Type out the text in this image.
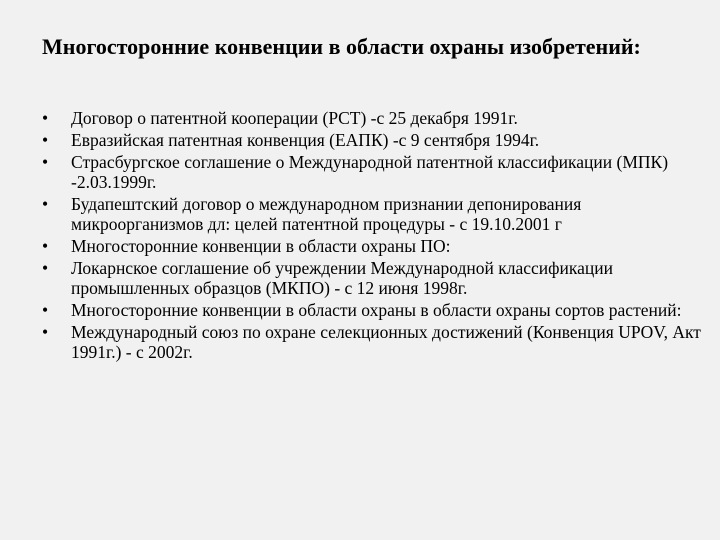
Многосторонние конвенции в области охраны изобретений:
•	Договор о патентной кооперации (PCT) -с 25 декабря 1991г.
•	Евразийская патентная конвенция (ЕАПК) -с 9 сентября 1994г.
•	Страсбургское соглашение о Международной патентной классификации (МПК) -2.03.1999г.
•	Будапештский договор о международном признании депонирования микроорганизмов дл: целей патентной процедуры - с 19.10.2001 г
•	Многосторонние конвенции в области охраны ПО:
•	Локарнское соглашение об учреждении Международной классификации промышленных образцов (МКПО) - с 12 июня 1998г.
•	Многосторонние конвенции в области охраны в области охраны сортов растений:
•	Международный союз по охране селекционных достижений (Конвенция UPOV, Акт 1991г.) - с 2002г.
